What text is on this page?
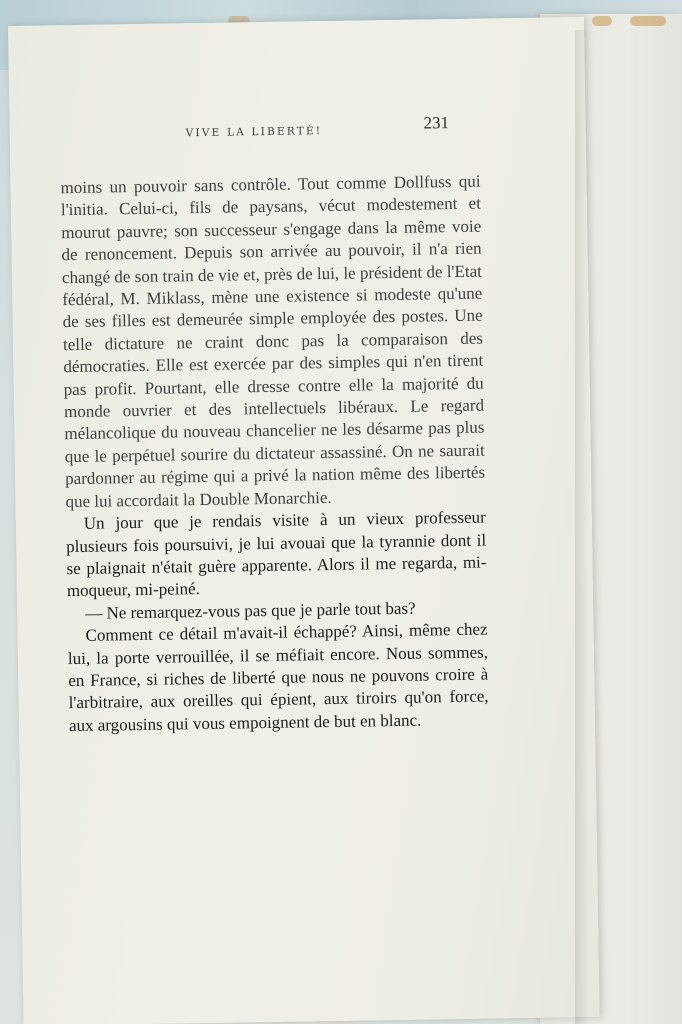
VIVE LA LIBERTÉ!	231

moins un pouvoir sans contrôle. Tout comme Dollfuss qui l'initia. Celui-ci, fils de paysans, vécut modestement et mourut pauvre; son successeur s'engage dans la même voie de renoncement. Depuis son arrivée au pouvoir, il n'a rien changé de son train de vie et, près de lui, le président de l'Etat fédéral, M. Miklass, mène une existence si modeste qu'une de ses filles est demeurée simple employée des postes. Une telle dictature ne craint donc pas la comparaison des démocraties. Elle est exercée par des simples qui n'en tirent pas profit. Pourtant, elle dresse contre elle la majorité du monde ouvrier et des intellectuels libéraux. Le regard mélancolique du nouveau chancelier ne les désarme pas plus que le perpétuel sourire du dictateur assassiné. On ne saurait pardonner au régime qui a privé la nation même des libertés que lui accordait la Double Monarchie.

Un jour que je rendais visite à un vieux professeur plusieurs fois poursuivi, je lui avouai que la tyrannie dont il se plaignait n'était guère apparente. Alors il me regarda, mi-moqueur, mi-peiné.

— Ne remarquez-vous pas que je parle tout bas?

Comment ce détail m'avait-il échappé? Ainsi, même chez lui, la porte verrouillée, il se méfiait encore. Nous sommes, en France, si riches de liberté que nous ne pouvons croire à l'arbitraire, aux oreilles qui épient, aux tiroirs qu'on force, aux argousins qui vous empoignent de but en blanc.
